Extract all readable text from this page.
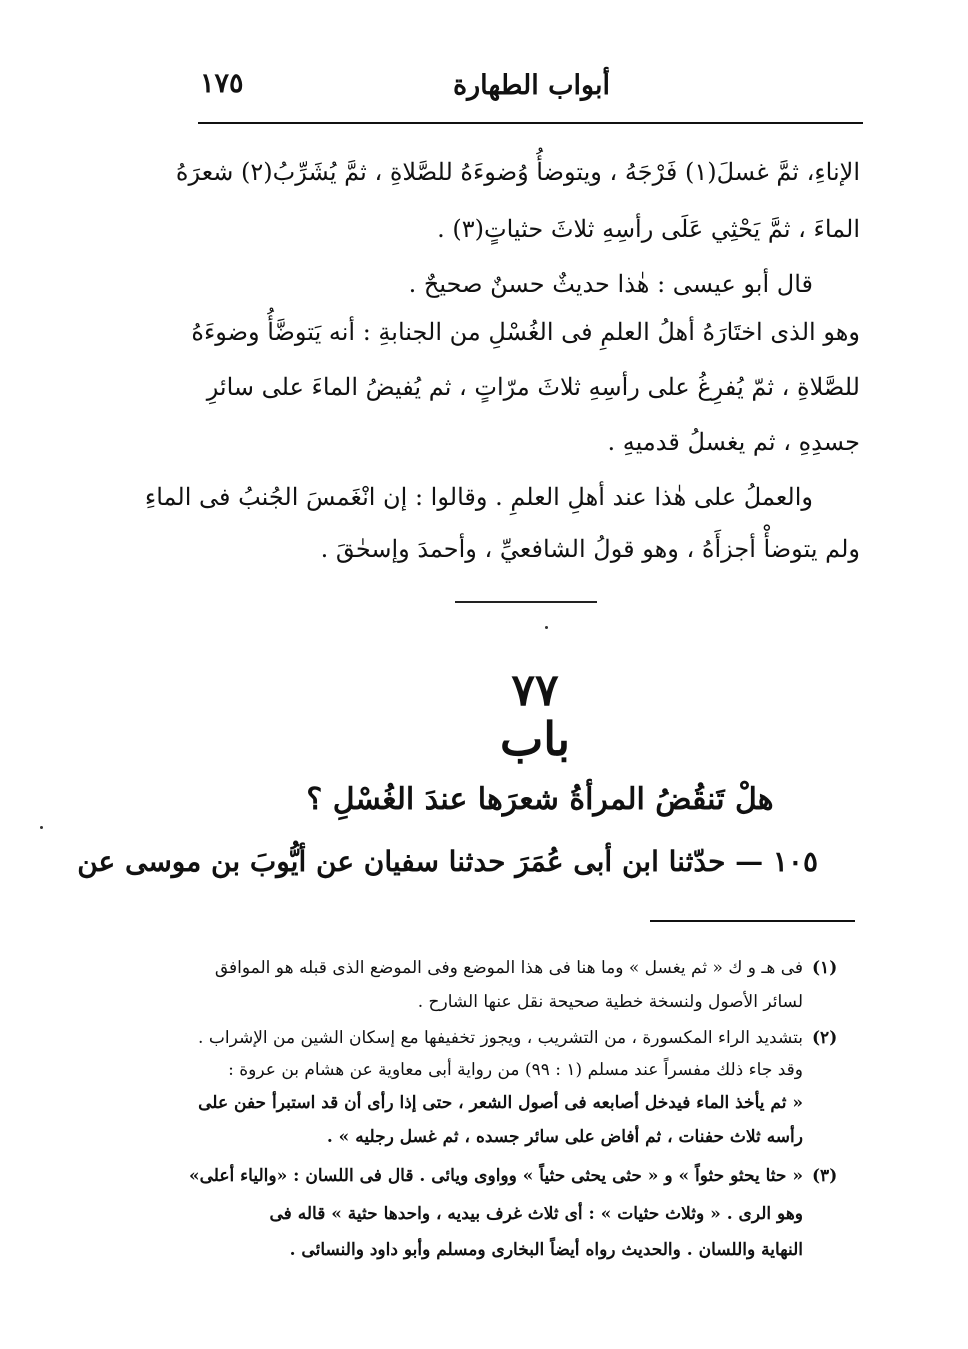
أبواب الطهارة
١٧٥
الإناءِ، ثمَّ غسلَ(١) فَرْجَهُ ، ويتوضأُ وُضوءَهُ للصَّلاةِ ، ثمَّ يُشَرِّبُ(٢) شعرَهُ
الماءَ ، ثمَّ يَحْثِي عَلَى رأسِهِ ثلاثَ حثياتٍ(٣) .
قال أبو عيسى : هٰذا حديثٌ حسنٌ صحيحٌ .
وهو الذى اختَارَهُ أهلُ العلمِ فى الغُسْلِ من الجنابةِ : أنه يَتوضَّأُ وضوءَهُ
للصَّلاةِ ، ثمّ يُفرِغُ على رأسِهِ ثلاثَ مرّاتٍ ، ثم يُفيضُ الماءَ على سائرِ
جسدِهِ ، ثم يغسلُ قدميهِ .
والعملُ على هٰذا عند أهلِ العلمِ . وقالوا : إن انْغَمسَ الجُنبُ فى الماءِ
ولم يتوضأْ أجزأَهُ ، وهو قولُ الشافعيِّ ، وأحمدَ وإسحٰقَ .
٧٧
باب
هلْ تَنقُضُ المرأةُ شعرَها عندَ الغُسْلِ ؟
١٠٥ — حدّثنا ابن أبى عُمَرَ حدثنا سفيان عن أيُّوبَ بن موسى عن
(١)
فى هـ و ك « ثم يغسل » وما هنا فى هذا الموضع وفى الموضع الذى قبله هو الموافق
لسائر الأصول ولنسخة خطية صحيحة نقل عنها الشارح .
(٢)
بتشديد الراء المكسورة ، من التشريب ، ويجوز تخفيفها مع إسكان الشين من الإشراب .
وقد جاء ذلك مفسراً عند مسلم (١ : ٩٩) من رواية أبى معاوية عن هشام بن عروة :
« ثم يأخذ الماء فيدخل أصابعه فى أصول الشعر ، حتى إذا رأى أن قد استبرأ حفن على
رأسه ثلاث حفنات ، ثم أفاض على سائر جسده ، ثم غسل رجليه » .
(٣)
« حثا يحثو حثواً » و « حثى يحثى حثياً » وواوى ويائى . قال فى اللسان : «والياء أعلى»
وهو الرى . « وثلاث حثيات » : أى ثلاث غرف بيديه ، واحدها حثية » قاله فى
النهاية واللسان . والحديث رواه أيضاً البخارى ومسلم وأبو داود والنسائى .
